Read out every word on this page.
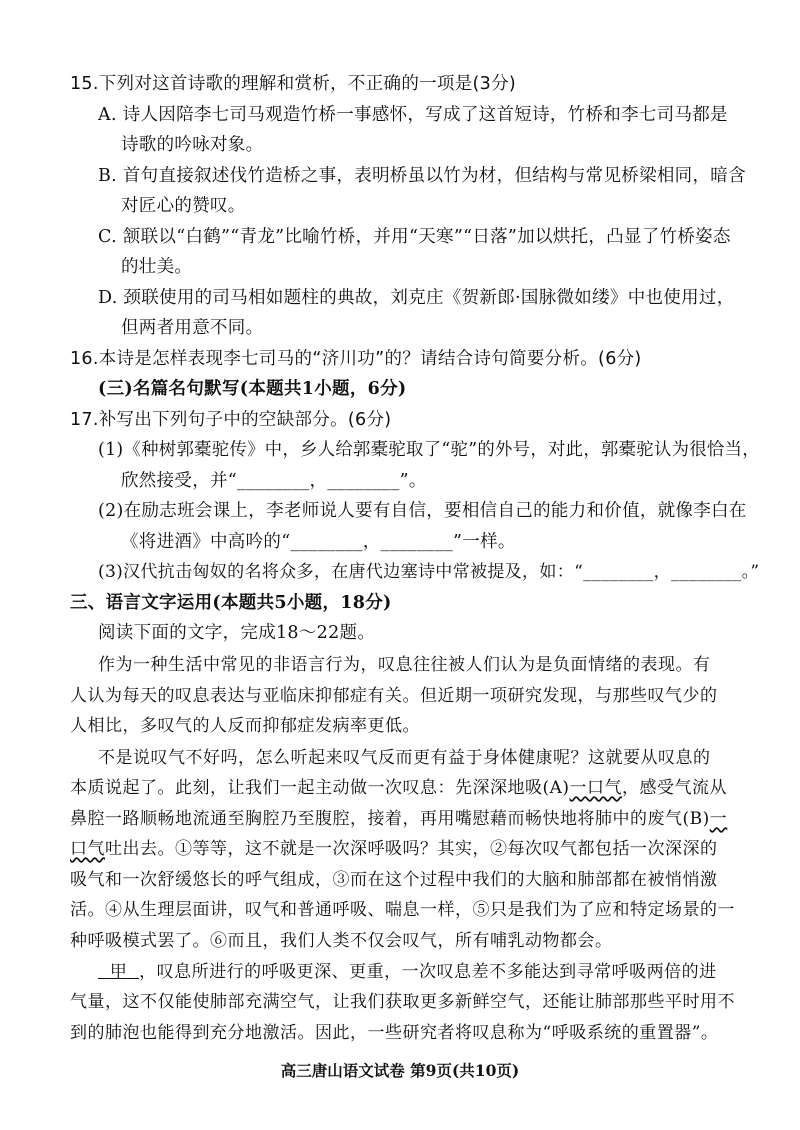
15.下列对这首诗歌的理解和赏析，不正确的一项是(3分)

A. 诗人因陪李七司马观造竹桥一事感怀，写成了这首短诗，竹桥和李七司马都是

诗歌的吟咏对象。

B. 首句直接叙述伐竹造桥之事，表明桥虽以竹为材，但结构与常见桥梁相同，暗含

对匠心的赞叹。

C. 颔联以“白鹤”“青龙”比喻竹桥，并用“天寒”“日落”加以烘托，凸显了竹桥姿态

的壮美。

D. 颈联使用的司马相如题柱的典故，刘克庄《贺新郎·国脉微如缕》中也使用过，

但两者用意不同。

16.本诗是怎样表现李七司马的“济川功”的？请结合诗句简要分析。(6分)

(三)名篇名句默写(本题共1小题，6分)

17.补写出下列句子中的空缺部分。(6分)

(1)《种树郭橐驼传》中，乡人给郭橐驼取了“驼”的外号，对此，郭橐驼认为很恰当，

欣然接受，并“________，________”。

(2)在励志班会课上，李老师说人要有自信，要相信自己的能力和价值，就像李白在

《将进酒》中高吟的“________，________”一样。

(3)汉代抗击匈奴的名将众多，在唐代边塞诗中常被提及，如：“________，________。”

三、语言文字运用(本题共5小题，18分)

阅读下面的文字，完成18～22题。

作为一种生活中常见的非语言行为，叹息往往被人们认为是负面情绪的表现。有

人认为每天的叹息表达与亚临床抑郁症有关。但近期一项研究发现，与那些叹气少的

人相比，多叹气的人反而抑郁症发病率更低。

不是说叹气不好吗，怎么听起来叹气反而更有益于身体健康呢？这就要从叹息的

本质说起了。此刻，让我们一起主动做一次叹息：先深深地吸(A)一口气，感受气流从

鼻腔一路顺畅地流通至胸腔乃至腹腔，接着，再用嘴慰藉而畅快地将肺中的废气(B)一

口气吐出去。①等等，这不就是一次深呼吸吗？其实，②每次叹气都包括一次深深的

吸气和一次舒缓悠长的呼气组成，③而在这个过程中我们的大脑和肺部都在被悄悄激

活。④从生理层面讲，叹气和普通呼吸、喘息一样，⑤只是我们为了应和特定场景的一

种呼吸模式罢了。⑥而且，我们人类不仅会叹气，所有哺乳动物都会。

甲 ，叹息所进行的呼吸更深、更重，一次叹息差不多能达到寻常呼吸两倍的进

气量，这不仅能使肺部充满空气，让我们获取更多新鲜空气，还能让肺部那些平时用不

到的肺泡也能得到充分地激活。因此，一些研究者将叹息称为“呼吸系统的重置器”。

高三唐山语文试卷 第9页(共10页)
